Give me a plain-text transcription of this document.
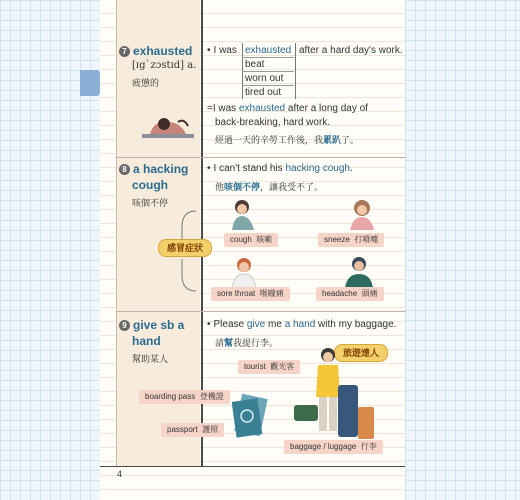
7 exhausted
[ɪgˋzɔstɪd] a.
疲憊的
• I was exhausted
beat
worn out
tired out
after a hard day's work.
=I was exhausted after a long day of
back-breaking, hard work.
經過一天的辛勞工作後，我累趴了。
8 a hacking
cough
咳個不停
• I can't stand his hacking cough.
他咳個不停，讓我受不了。
感冒症狀
cough 咳嗽	sneeze 打噴嚏
sore throat 喉嚨痛	headache 頭痛
9 give sb a
hand
幫助某人
• Please give me a hand with my baggage.
請幫我提行李。
旅遊達人
tourist 觀光客
boarding pass 登機證
passport 護照
baggage / luggage 行李
4
